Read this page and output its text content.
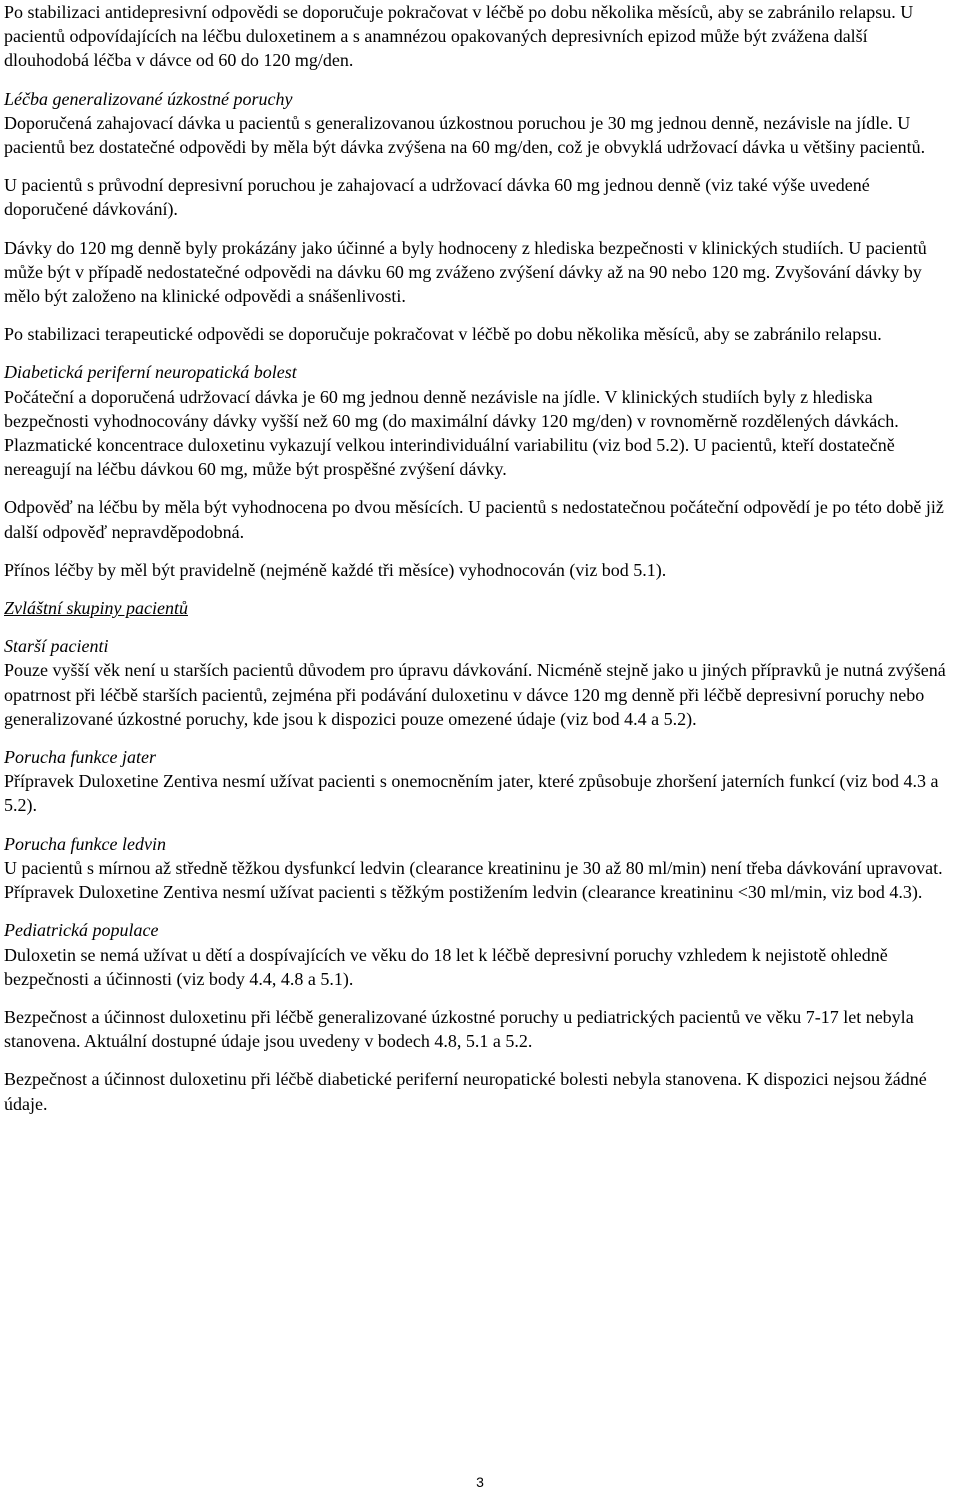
Po stabilizaci antidepresivní odpovědi se doporučuje pokračovat v léčbě po dobu několika měsíců, aby se zabránilo relapsu. U pacientů odpovídajících na léčbu duloxetinem a s anamnézou opakovaných depresivních epizod může být zvážena další dlouhodobá léčba v dávce od 60 do 120 mg/den.

Léčba generalizované úzkostné poruchy
Doporučená zahajovací dávka u pacientů s generalizovanou úzkostnou poruchou je 30 mg jednou denně, nezávisle na jídle. U pacientů bez dostatečné odpovědi by měla být dávka zvýšena na 60 mg/den, což je obvyklá udržovací dávka u většiny pacientů.

U pacientů s průvodní depresivní poruchou je zahajovací a udržovací dávka 60 mg jednou denně (viz také výše uvedené doporučené dávkování).

Dávky do 120 mg denně byly prokázány jako účinné a byly hodnoceny z hlediska bezpečnosti v klinických studiích. U pacientů může být v případě nedostatečné odpovědi na dávku 60 mg zváženo zvýšení dávky až na 90 nebo 120 mg. Zvyšování dávky by mělo být založeno na klinické odpovědi a snášenlivosti.

Po stabilizaci terapeutické odpovědi se doporučuje pokračovat v léčbě po dobu několika měsíců, aby se zabránilo relapsu.

Diabetická periferní neuropatická bolest
Počáteční a doporučená udržovací dávka je 60 mg jednou denně nezávisle na jídle. V klinických studiích byly z hlediska bezpečnosti vyhodnocovány dávky vyšší než 60 mg (do maximální dávky 120 mg/den) v rovnoměrně rozdělených dávkách. Plazmatické koncentrace duloxetinu vykazují velkou interindividuální variabilitu (viz bod 5.2). U pacientů, kteří dostatečně nereagují na léčbu dávkou 60 mg, může být prospěšné zvýšení dávky.

Odpověď na léčbu by měla být vyhodnocena po dvou měsících. U pacientů s nedostatečnou počáteční odpovědí je po této době již další odpověď nepravděpodobná.

Přínos léčby by měl být pravidelně (nejméně každé tři měsíce) vyhodnocován (viz bod 5.1).

Zvláštní skupiny pacientů

Starší pacienti
Pouze vyšší věk není u starších pacientů důvodem pro úpravu dávkování. Nicméně stejně jako u jiných přípravků je nutná zvýšená opatrnost při léčbě starších pacientů, zejména při podávání duloxetinu v dávce 120 mg denně při léčbě depresivní poruchy nebo generalizované úzkostné poruchy, kde jsou k dispozici pouze omezené údaje (viz bod 4.4 a 5.2).

Porucha funkce jater
Přípravek Duloxetine Zentiva nesmí užívat pacienti s onemocněním jater, které způsobuje zhoršení jaterních funkcí (viz bod 4.3 a 5.2).

Porucha funkce ledvin
U pacientů s mírnou až středně těžkou dysfunkcí ledvin (clearance kreatininu je 30 až 80 ml/min) není třeba dávkování upravovat. Přípravek Duloxetine Zentiva nesmí užívat pacienti s těžkým postižením ledvin (clearance kreatininu <30 ml/min, viz bod 4.3).

Pediatrická populace
Duloxetin se nemá užívat u dětí a dospívajících ve věku do 18 let k léčbě depresivní poruchy vzhledem k nejistotě ohledně bezpečnosti a účinnosti (viz body 4.4, 4.8 a 5.1).

Bezpečnost a účinnost duloxetinu při léčbě generalizované úzkostné poruchy u pediatrických pacientů ve věku 7-17 let nebyla stanovena. Aktuální dostupné údaje jsou uvedeny v bodech 4.8, 5.1 a 5.2.

Bezpečnost a účinnost duloxetinu při léčbě diabetické periferní neuropatické bolesti nebyla stanovena. K dispozici nejsou žádné údaje.

3
